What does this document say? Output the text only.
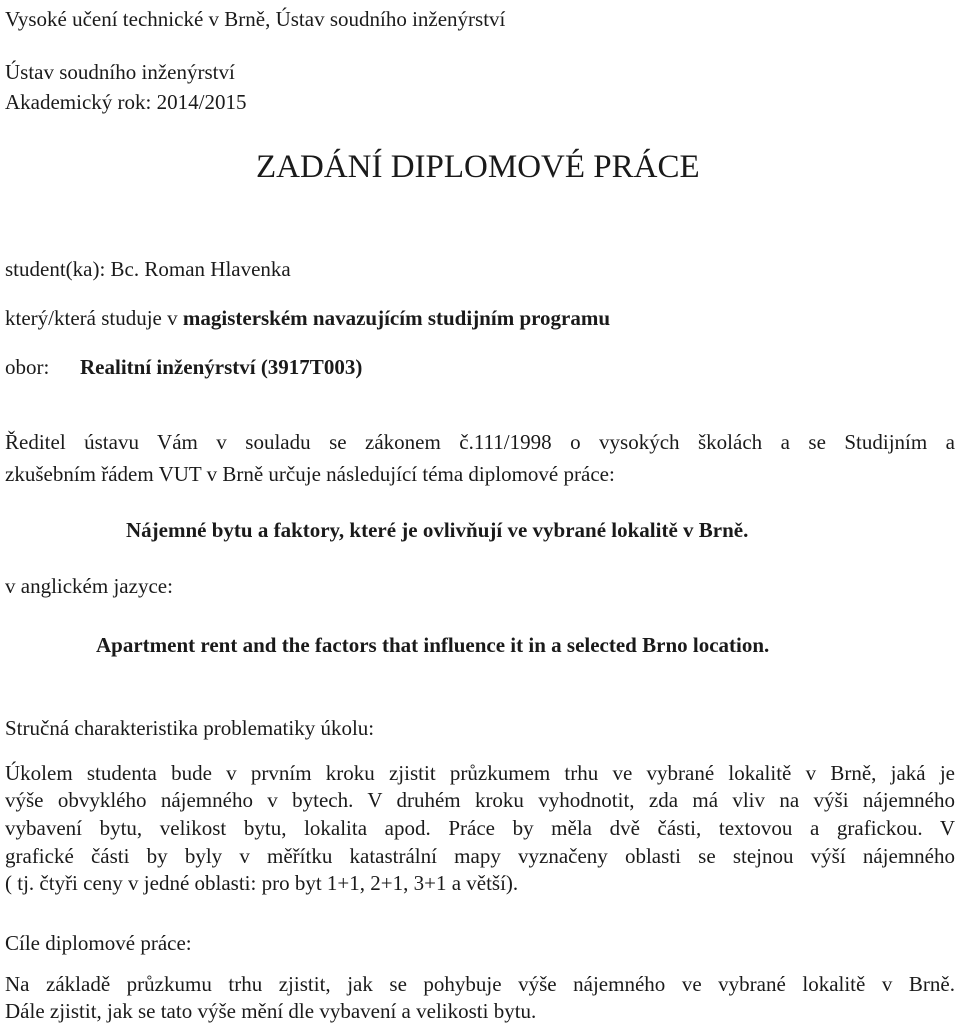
Vysoké učení technické v Brně, Ústav soudního inženýrství

Ústav soudního inženýrství

Akademický rok: 2014/2015

ZADÁNÍ DIPLOMOVÉ PRÁCE

student(ka): Bc. Roman Hlavenka

který/která studuje v magisterském navazujícím studijním programu

obor: Realitní inženýrství (3917T003)

Ředitel ústavu Vám v souladu se zákonem č.111/1998 o vysokých školách a se Studijním a

zkušebním řádem VUT v Brně určuje následující téma diplomové práce:

Nájemné bytu a faktory, které je ovlivňují ve vybrané lokalitě v Brně.

v anglickém jazyce:

Apartment rent and the factors that influence it in a selected Brno location.

Stručná charakteristika problematiky úkolu:

Úkolem studenta bude v prvním kroku zjistit průzkumem trhu ve vybrané lokalitě v Brně, jaká je

výše obvyklého nájemného v bytech. V druhém kroku vyhodnotit, zda má vliv na výši nájemného

vybavení bytu, velikost bytu, lokalita apod. Práce by měla dvě části, textovou a grafickou. V

grafické části by byly v měřítku katastrální mapy vyznačeny oblasti se stejnou výší nájemného

( tj. čtyři ceny v jedné oblasti: pro byt 1+1, 2+1, 3+1 a větší).

Cíle diplomové práce:

Na základě průzkumu trhu zjistit, jak se pohybuje výše nájemného ve vybrané lokalitě v Brně.

Dále zjistit, jak se tato výše mění dle vybavení a velikosti bytu.
